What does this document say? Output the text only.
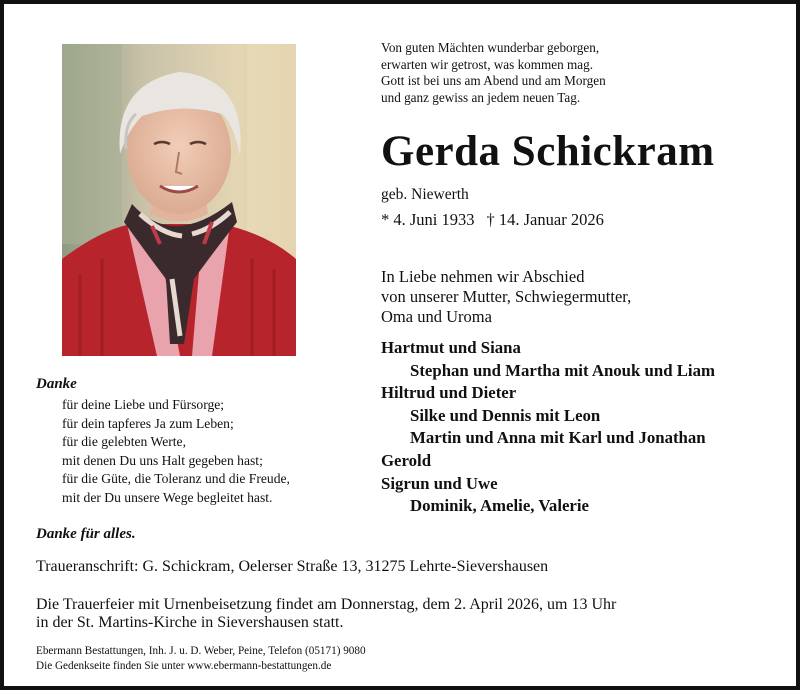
Von guten Mächten wunderbar geborgen,
erwarten wir getrost, was kommen mag.
Gott ist bei uns am Abend und am Morgen
und ganz gewiss an jedem neuen Tag.
Gerda Schickram
geb. Niewerth
* 4. Juni 1933 † 14. Januar 2026
In Liebe nehmen wir Abschied
von unserer Mutter, Schwiegermutter,
Oma und Uroma
Hartmut und Siana
Stephan und Martha mit Anouk und Liam
Hiltrud und Dieter
Silke und Dennis mit Leon
Martin und Anna mit Karl und Jonathan
Gerold
Sigrun und Uwe
Dominik, Amelie, Valerie
Danke
für deine Liebe und Fürsorge;
für dein tapferes Ja zum Leben;
für die gelebten Werte,
mit denen Du uns Halt gegeben hast;
für die Güte, die Toleranz und die Freude,
mit der Du unsere Wege begleitet hast.
Danke für alles.
Traueranschrift: G. Schickram, Oelerser Straße 13, 31275 Lehrte-Sievershausen
Die Trauerfeier mit Urnenbeisetzung findet am Donnerstag, dem 2. April 2026, um 13 Uhr
in der St. Martins-Kirche in Sievershausen statt.
Ebermann Bestattungen, Inh. J. u. D. Weber, Peine, Telefon (05171) 9080
Die Gedenkseite finden Sie unter www.ebermann-bestattungen.de
